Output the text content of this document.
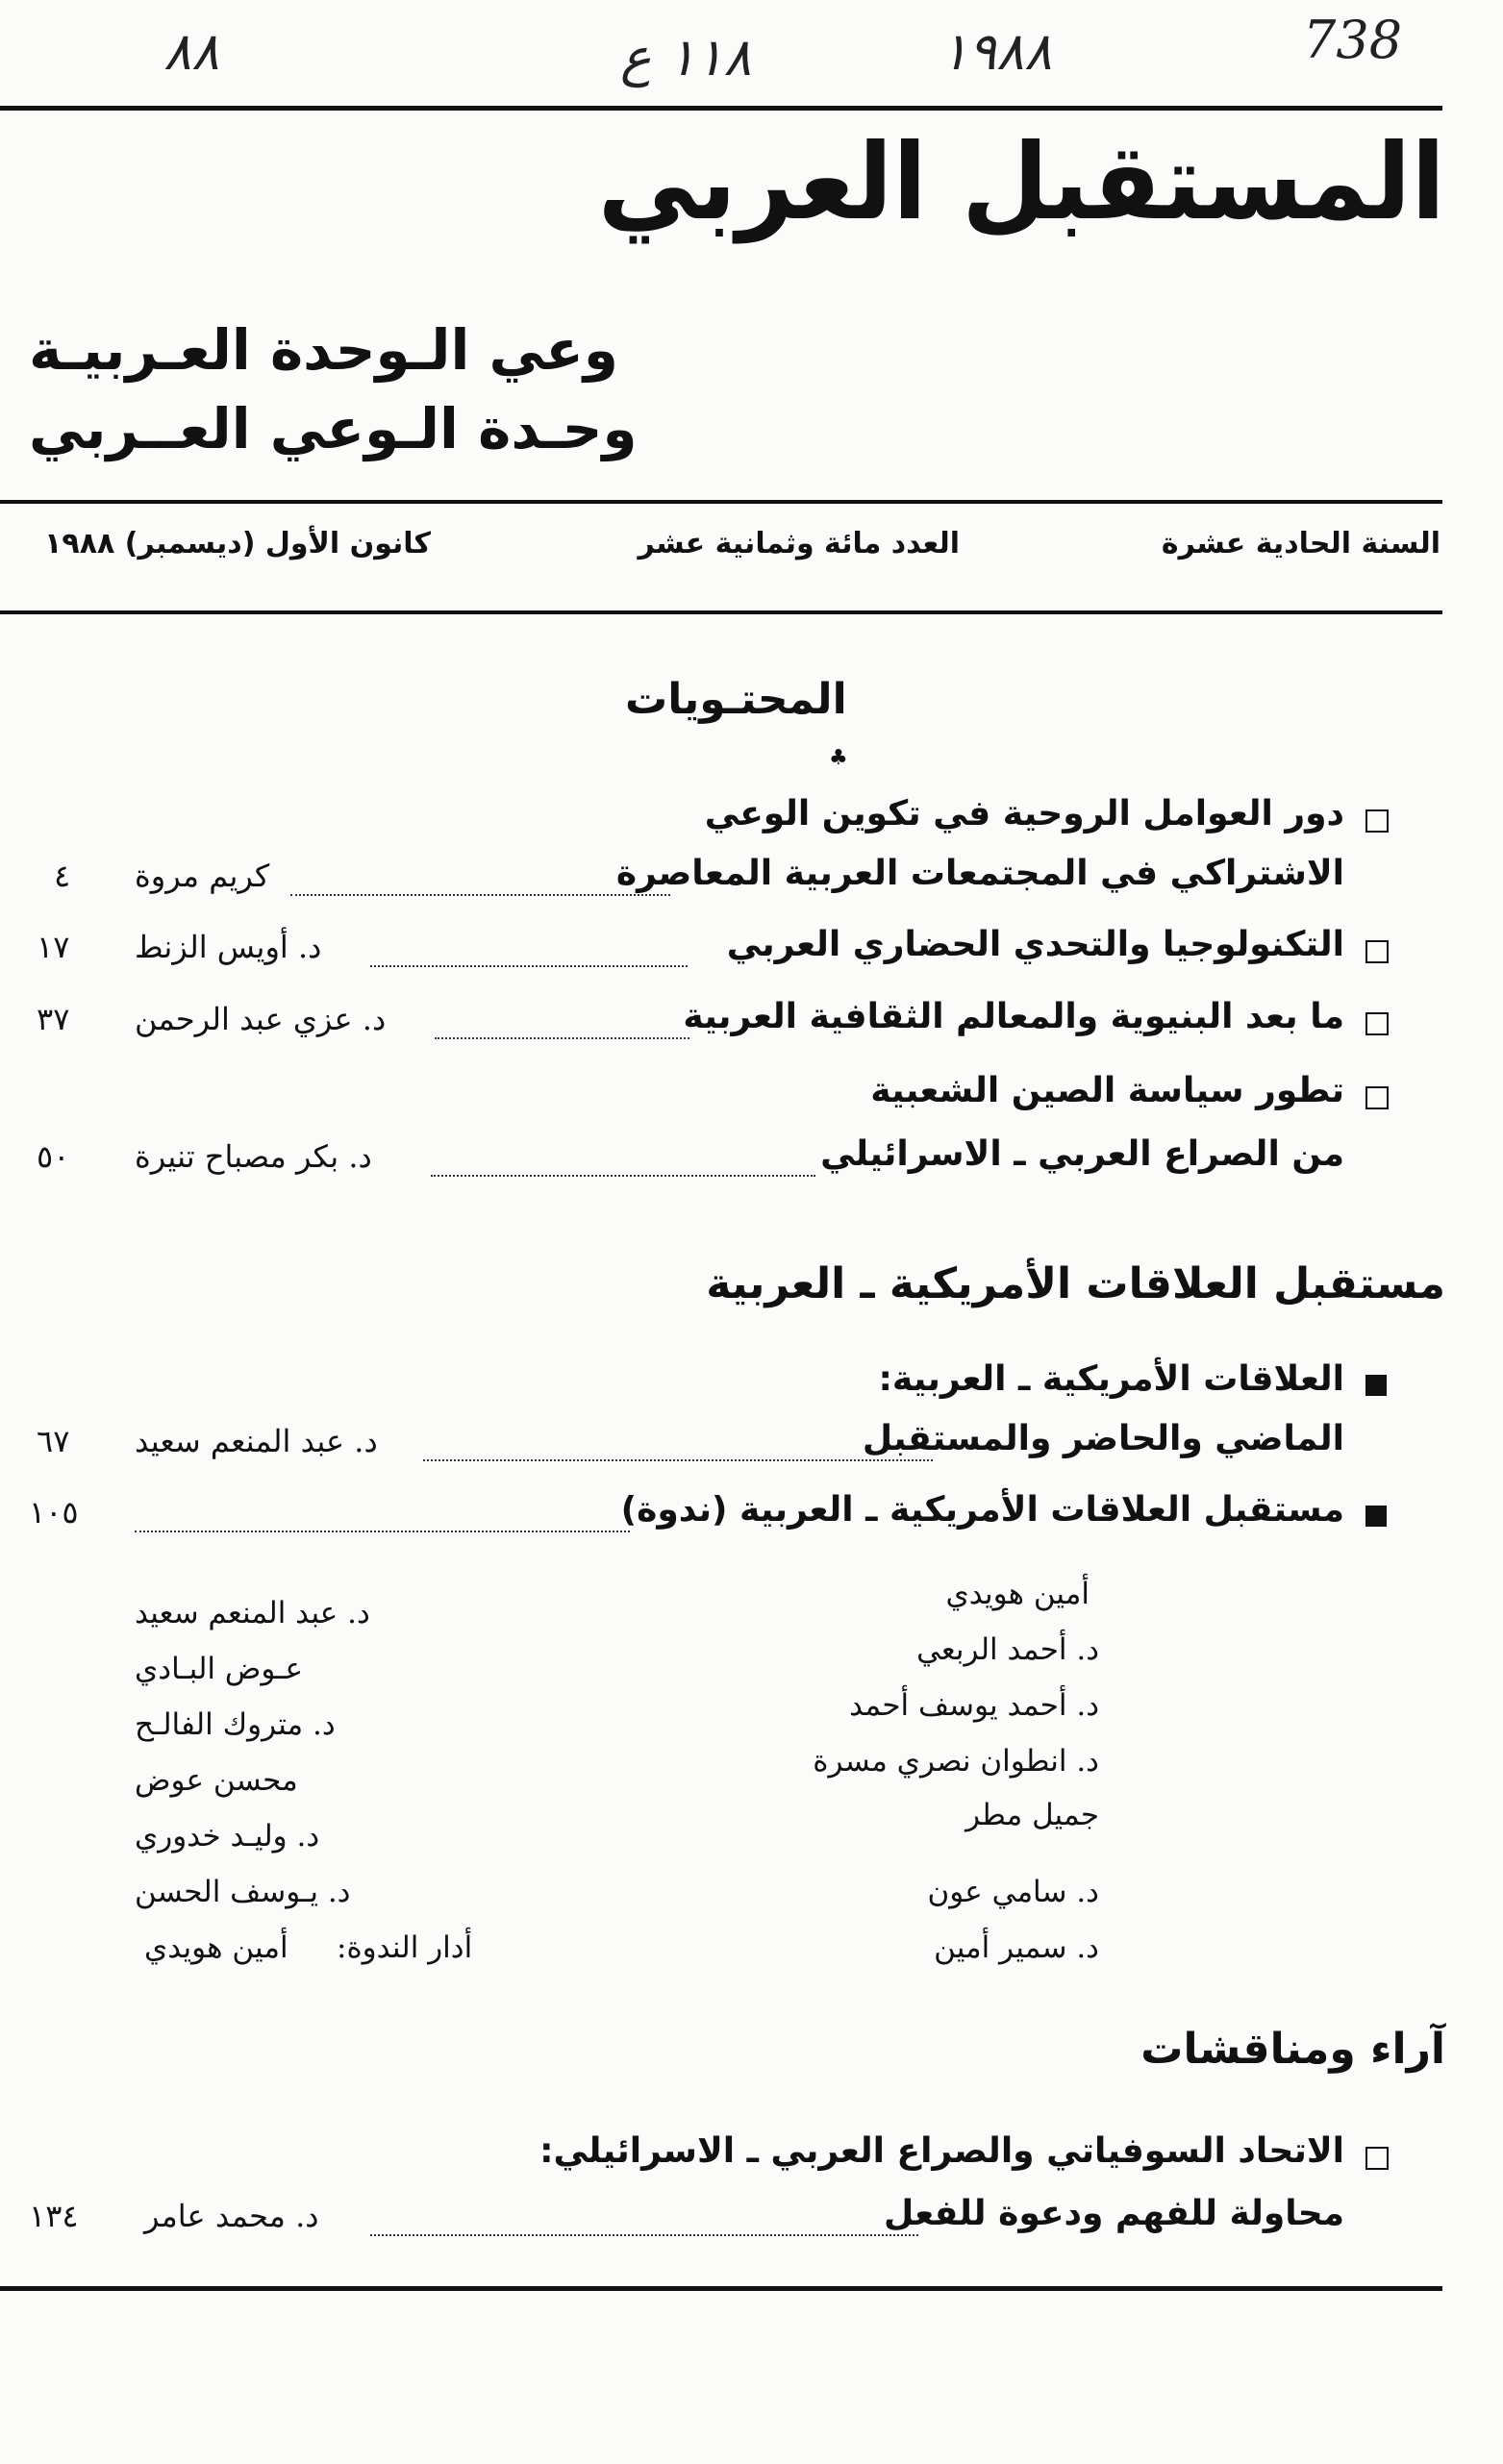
738
١٩٨٨
١١٨ ع
٨٨
المستقبل العربي
وعي الـوحدة العـربيـة
وحـدة الـوعي العــربي
السنة الحادية عشرة
العدد مائة وثمانية عشر
كانون الأول (ديسمبر) ١٩٨٨
المحتـويات
♣
دور العوامل الروحية في تكوين الوعي
الاشتراكي في المجتمعات العربية المعاصرة
كريم مروة
٤
التكنولوجيا والتحدي الحضاري العربي
د. أويس الزنط
١٧
ما بعد البنيوية والمعالم الثقافية العربية
د. عزي عبد الرحمن
٣٧
تطور سياسة الصين الشعبية
من الصراع العربي ـ الاسرائيلي
د. بكر مصباح تنيرة
٥٠
مستقبل العلاقات الأمريكية ـ العربية
العلاقات الأمريكية ـ العربية:
الماضي والحاضر والمستقبل
د. عبد المنعم سعيد
٦٧
مستقبل العلاقات الأمريكية ـ العربية (ندوة)
١٠٥
أمين هويدي
د. أحمد الربعي
د. أحمد يوسف أحمد
د. انطوان نصري مسرة
جميل مطر
د. سامي عون
د. سمير أمين
د. عبد المنعم سعيد
عـوض البـادي
د. متروك الفالـح
محسن عوض
د. وليـد خدوري
د. يـوسف الحسن
أدار الندوة:
أمين هويدي
آراء ومناقشات
الاتحاد السوفياتي والصراع العربي ـ الاسرائيلي:
محاولة للفهم ودعوة للفعل
د. محمد عامر
١٣٤
